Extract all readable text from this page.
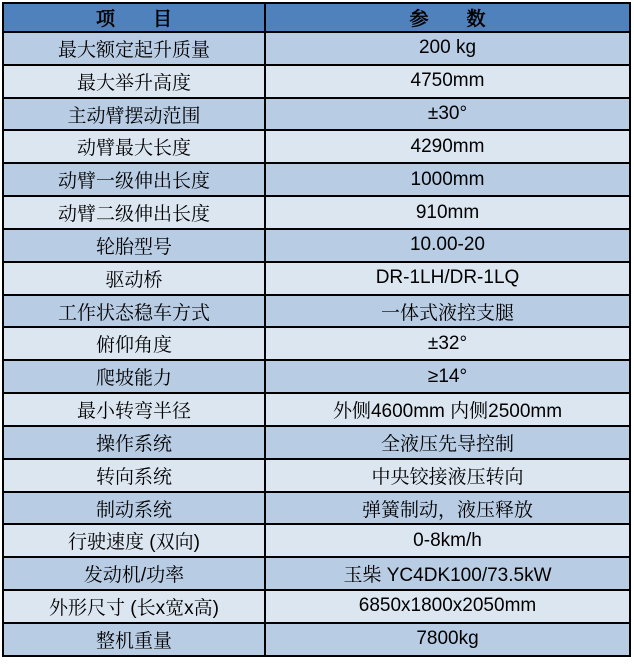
项　　目	参　　数
最大额定起升质量	200 kg
最大举升高度	4750mm
主动臂摆动范围	±30°
动臂最大长度	4290mm
动臂一级伸出长度	1000mm
动臂二级伸出长度	910mm
轮胎型号	10.00-20
驱动桥	DR-1LH/DR-1LQ
工作状态稳车方式	一体式液控支腿
俯仰角度	±32°
爬坡能力	≥14°
最小转弯半径	外侧4600mm 内侧2500mm
操作系统	全液压先导控制
转向系统	中央铰接液压转向
制动系统	弹簧制动，液压释放
行驶速度 (双向)	0-8km/h
发动机/功率	玉柴 YC4DK100/73.5kW
外形尺寸 (长x宽x高)	6850x1800x2050mm
整机重量	7800kg
